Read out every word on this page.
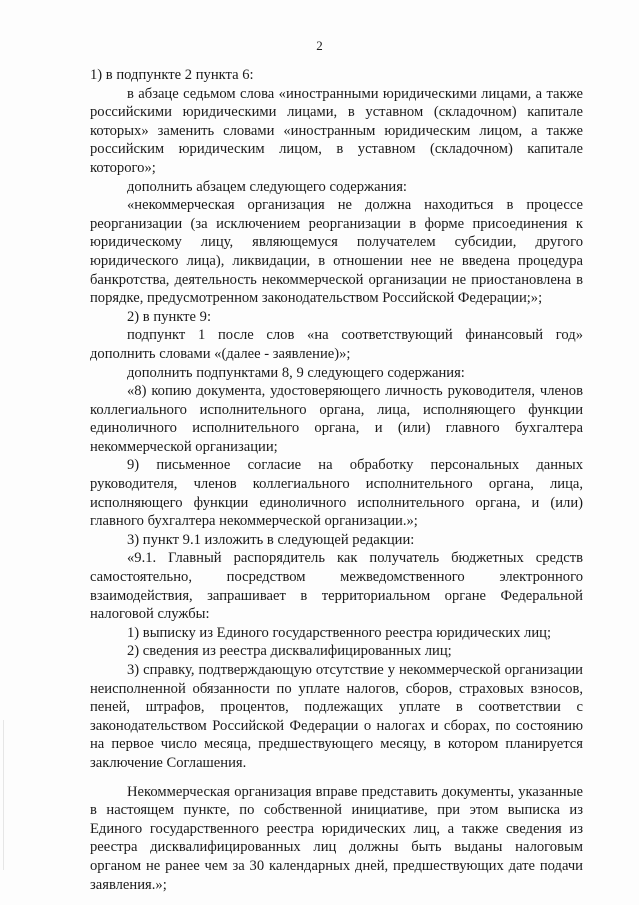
2

1) в подпункте 2 пункта 6:

в абзаце седьмом слова «иностранными юридическими лицами, а также российскими юридическими лицами, в уставном (складочном) капитале которых» заменить словами «иностранным юридическим лицом, а также российским юридическим лицом, в уставном (складочном) капитале которого»;

дополнить абзацем следующего содержания:

«некоммерческая организация не должна находиться в процессе реорганизации (за исключением реорганизации в форме присоединения к юридическому лицу, являющемуся получателем субсидии, другого юридического лица), ликвидации, в отношении нее не введена процедура банкротства, деятельность некоммерческой организации не приостановлена в порядке, предусмотренном законодательством Российской Федерации;»;

2) в пункте 9:

подпункт 1 после слов «на соответствующий финансовый год» дополнить словами «(далее - заявление)»;

дополнить подпунктами 8, 9 следующего содержания:

«8) копию документа, удостоверяющего личность руководителя, членов коллегиального исполнительного органа, лица, исполняющего функции единоличного исполнительного органа, и (или) главного бухгалтера некоммерческой организации;

9) письменное согласие на обработку персональных данных руководителя, членов коллегиального исполнительного органа, лица, исполняющего функции единоличного исполнительного органа, и (или) главного бухгалтера некоммерческой организации.»;

3) пункт 9.1 изложить в следующей редакции:

«9.1. Главный распорядитель как получатель бюджетных средств самостоятельно, посредством межведомственного электронного взаимодействия, запрашивает в территориальном органе Федеральной налоговой службы:

1) выписку из Единого государственного реестра юридических лиц;

2) сведения из реестра дисквалифицированных лиц;

3) справку, подтверждающую отсутствие у некоммерческой организации неисполненной обязанности по уплате налогов, сборов, страховых взносов, пеней, штрафов, процентов, подлежащих уплате в соответствии с законодательством Российской Федерации о налогах и сборах, по состоянию на первое число месяца, предшествующего месяцу, в котором планируется заключение Соглашения.

Некоммерческая организация вправе представить документы, указанные в настоящем пункте, по собственной инициативе, при этом выписка из Единого государственного реестра юридических лиц, а также сведения из реестра дисквалифицированных лиц должны быть выданы налоговым органом не ранее чем за 30 календарных дней, предшествующих дате подачи заявления.»;
